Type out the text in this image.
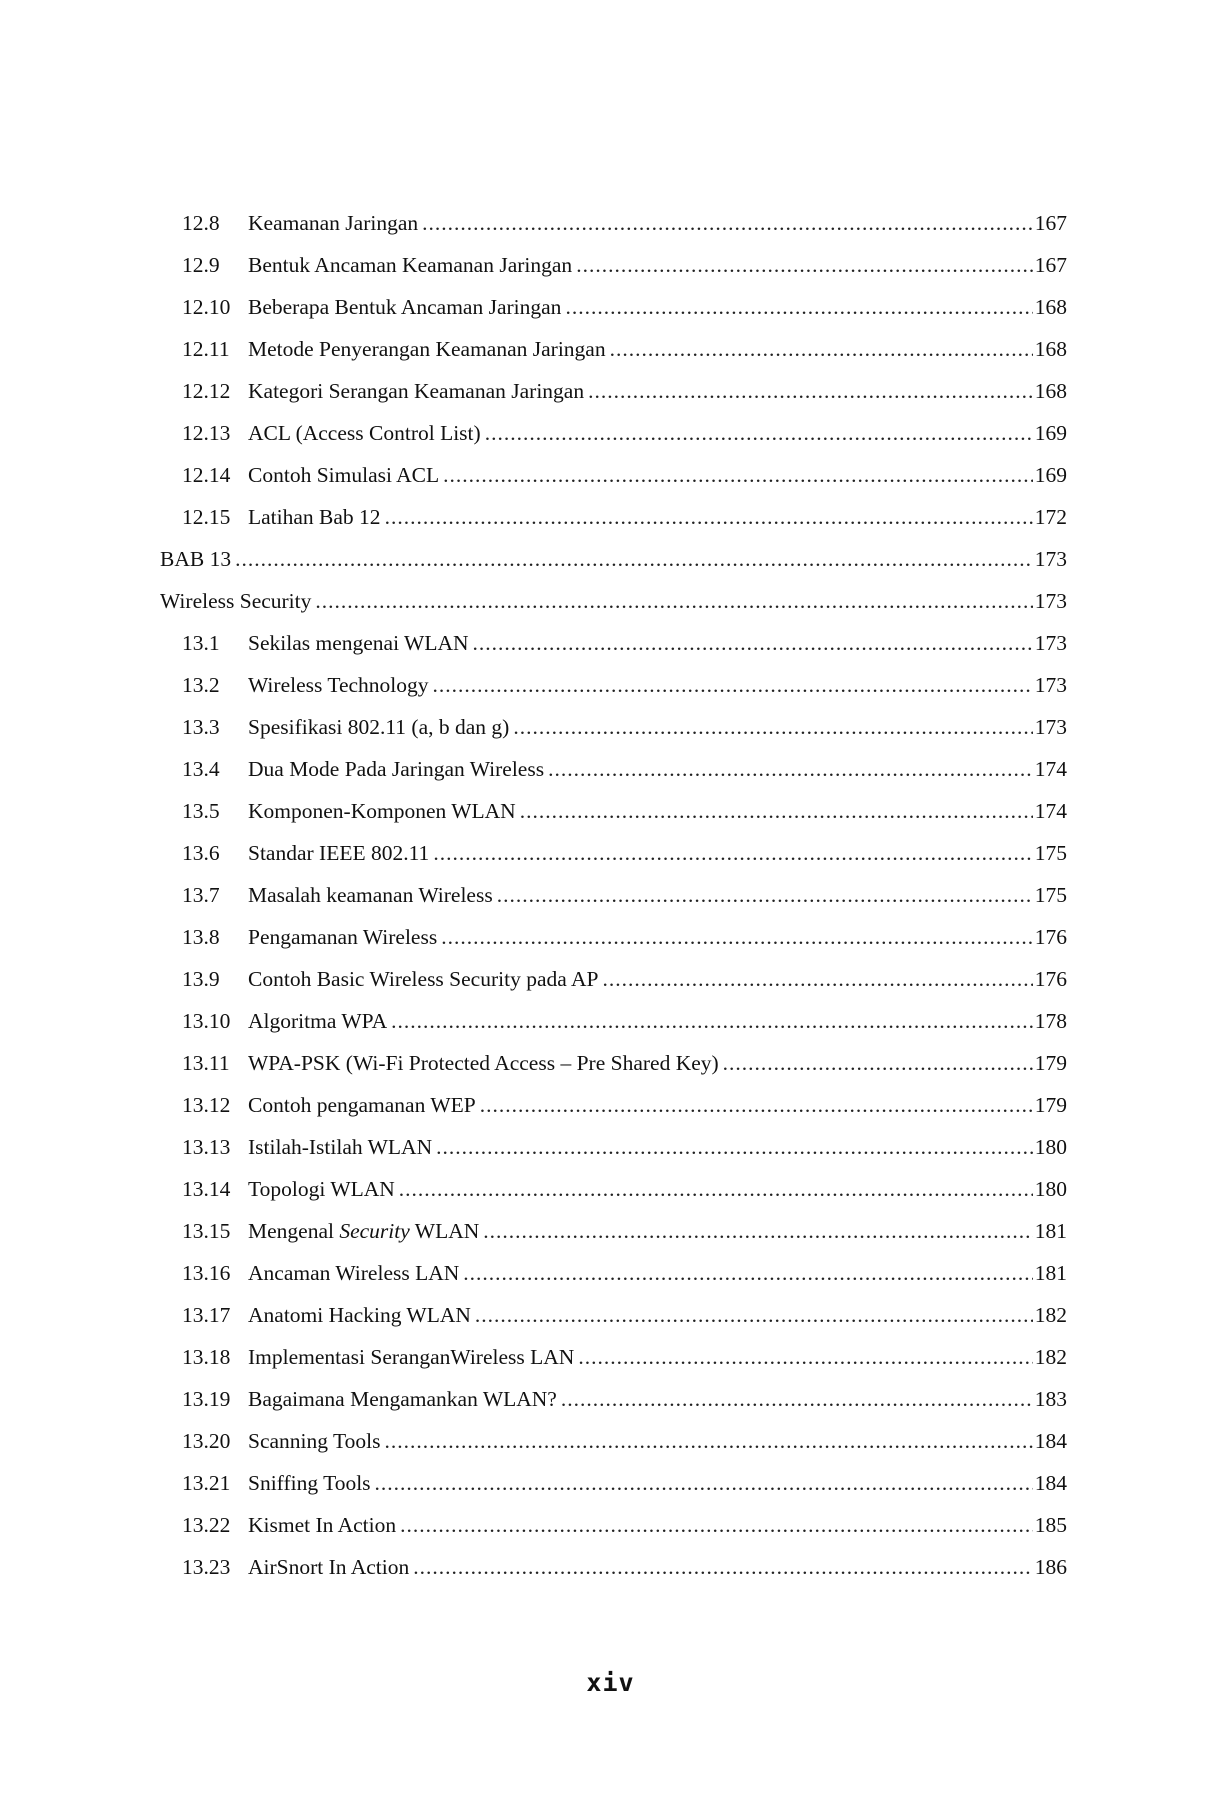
12.8	Keamanan Jaringan .....	167
12.9	Bentuk Ancaman Keamanan Jaringan .....	167
12.10 Beberapa Bentuk Ancaman Jaringan .....	168
12.11 Metode Penyerangan Keamanan Jaringan .....	168
12.12 Kategori Serangan Keamanan Jaringan .....	168
12.13 ACL (Access Control List) .....	169
12.14 Contoh Simulasi ACL .....	169
12.15 Latihan Bab 12 .....	172
BAB 13 .....	173
Wireless Security .....	173
13.1	Sekilas mengenai WLAN .....	173
13.2	Wireless Technology .....	173
13.3	Spesifikasi 802.11 (a, b dan g) .....	173
13.4	Dua Mode Pada Jaringan Wireless .....	174
13.5	Komponen-Komponen WLAN .....	174
13.6	Standar IEEE 802.11 .....	175
13.7	Masalah keamanan Wireless .....	175
13.8	Pengamanan Wireless .....	176
13.9	Contoh Basic Wireless Security pada AP .....	176
13.10 Algoritma WPA .....	178
13.11 WPA-PSK (Wi-Fi Protected Access – Pre Shared Key) .....	179
13.12 Contoh pengamanan WEP .....	179
13.13 Istilah-Istilah WLAN .....	180
13.14 Topologi WLAN .....	180
13.15 Mengenal Security WLAN .....	181
13.16 Ancaman Wireless LAN .....	181
13.17 Anatomi Hacking WLAN .....	182
13.18 Implementasi SeranganWireless LAN .....	182
13.19 Bagaimana Mengamankan WLAN? .....	183
13.20 Scanning Tools .....	184
13.21 Sniffing Tools .....	184
13.22 Kismet In Action .....	185
13.23 AirSnort In Action .....	186
xiv
